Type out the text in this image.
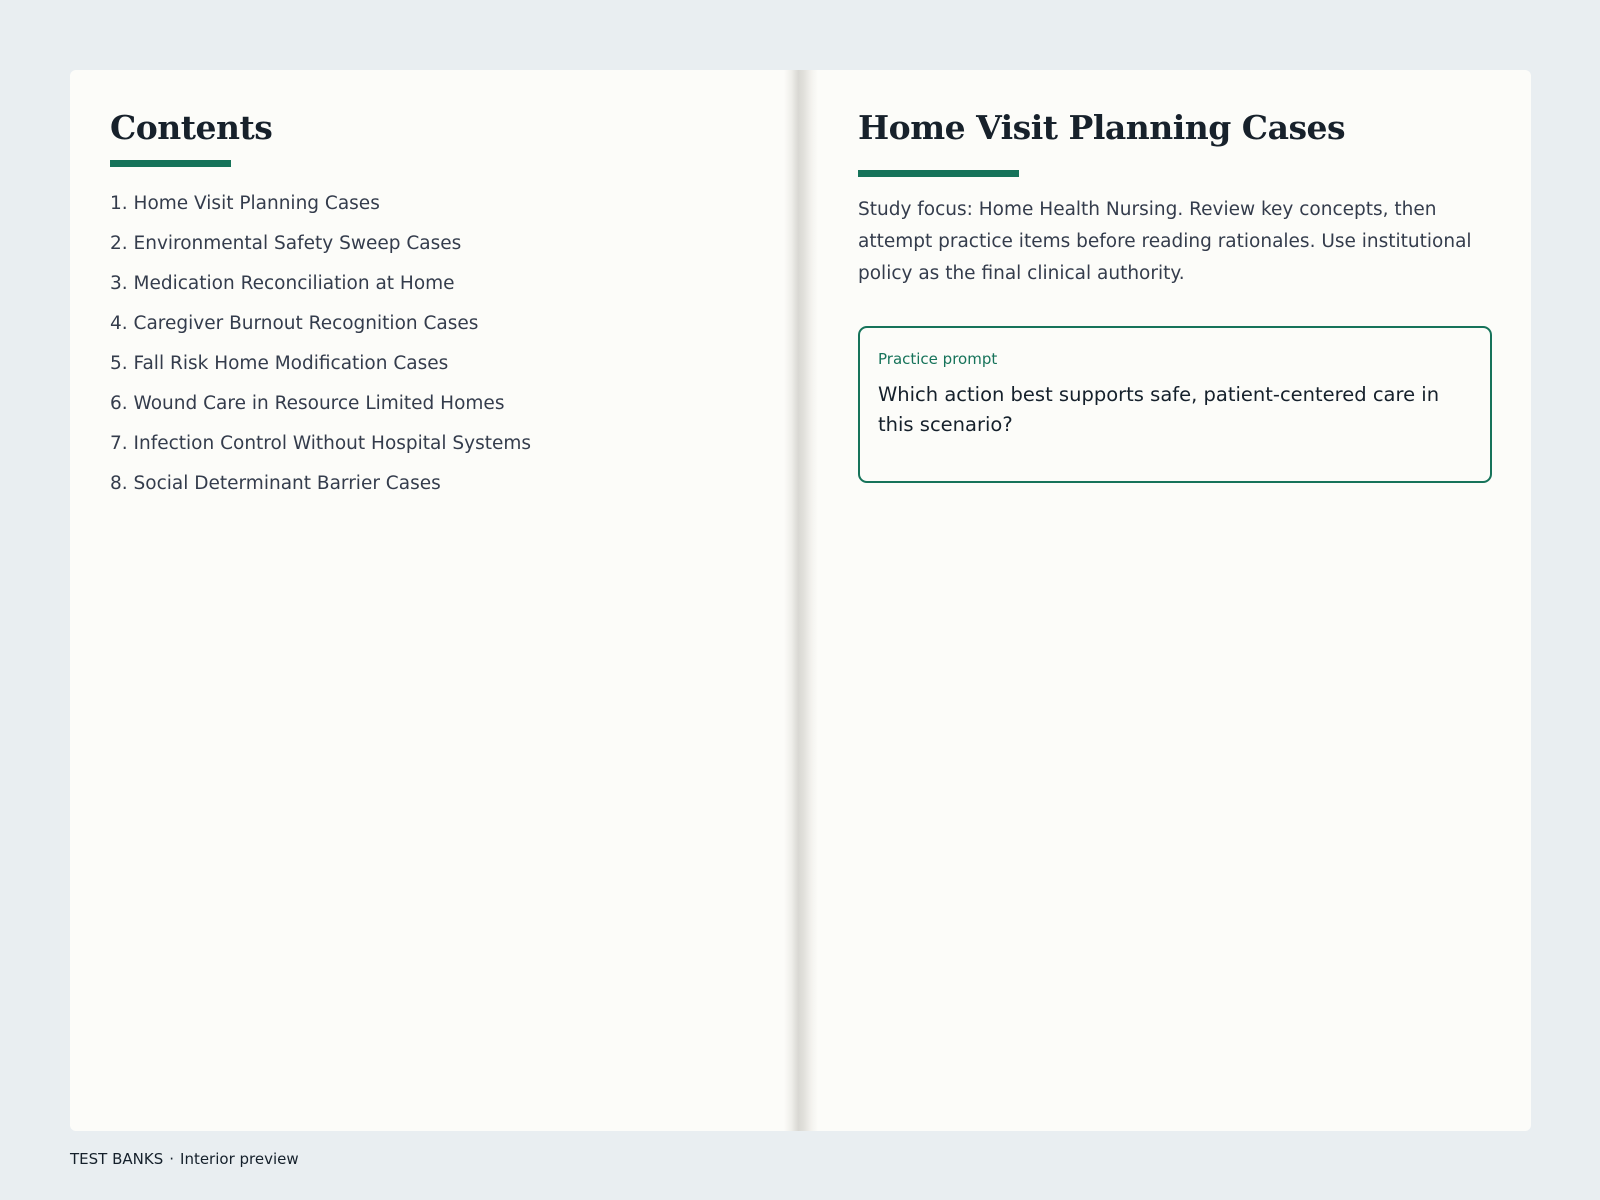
Contents
1. Home Visit Planning Cases
2. Environmental Safety Sweep Cases
3. Medication Reconciliation at Home
4. Caregiver Burnout Recognition Cases
5. Fall Risk Home Modification Cases
6. Wound Care in Resource Limited Homes
7. Infection Control Without Hospital Systems
8. Social Determinant Barrier Cases
Home Visit Planning Cases

Study focus: Home Health Nursing. Review key concepts, then attempt practice items before reading rationales. Use institutional policy as the final clinical authority.

Practice prompt

Which action best supports safe, patient-centered care in this scenario?

TEST BANKS · Interior preview
